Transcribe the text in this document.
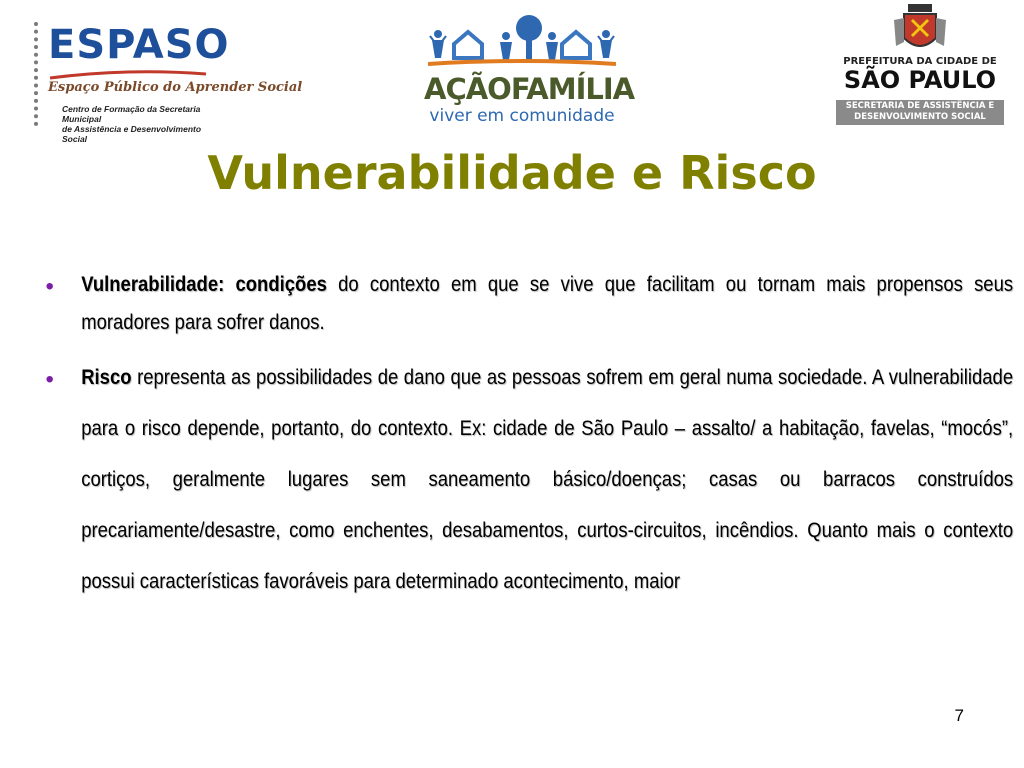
ESPASO
Espaço Público do Aprender Social
Centro de Formação da Secretaria Municipal
de Assistência e Desenvolvimento Social
AÇÃOFAMÍLIA
viver em comunidade
PREFEITURA DA CIDADE DE
SÃO PAULO
SECRETARIA DE ASSISTÊNCIA E
DESENVOLVIMENTO SOCIAL
Vulnerabilidade e Risco
• Vulnerabilidade: condições do contexto em que se vive que facilitam ou tornam mais propensos seus moradores para sofrer danos.
• Risco representa as possibilidades de dano que as pessoas sofrem em geral numa sociedade. A vulnerabilidade para o risco depende, portanto, do contexto. Ex: cidade de São Paulo – assalto/ a habitação, favelas, “mocós”, cortiços, geralmente lugares sem saneamento básico/doenças; casas ou barracos construídos precariamente/desastre, como enchentes, desabamentos, curtos-circuitos, incêndios. Quanto mais o contexto possui características favoráveis para determinado acontecimento, maior
7
